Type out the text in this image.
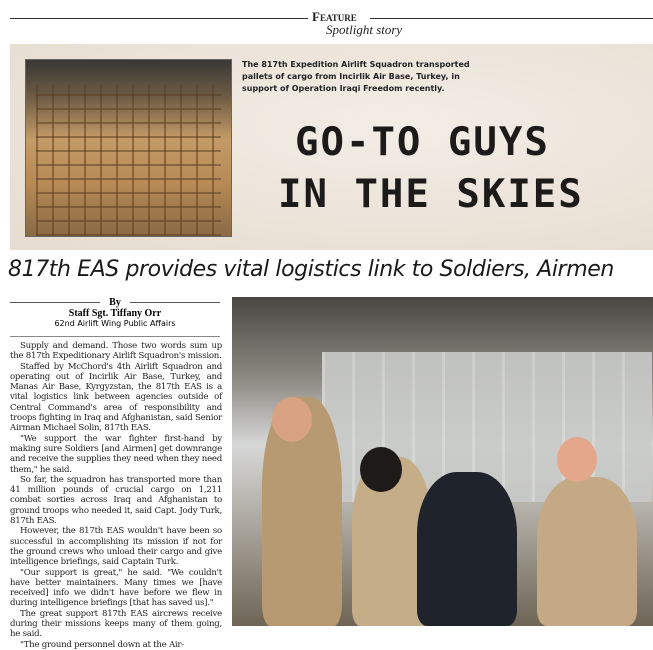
Feature
Spotlight story
The 817th Expedition Airlift Squadron transported pallets of cargo from Incirlik Air Base, Turkey, in support of Operation Iraqi Freedom recently.
GO-TO GUYS
IN THE SKIES
817th EAS provides vital logistics link to Soldiers, Airmen
By
Staff Sgt. Tiffany Orr
62nd Airlift Wing Public Affairs

Supply and demand. Those two words sum up the 817th Expeditionary Airlift Squadron's mission.

Staffed by McChord's 4th Airlift Squadron and operating out of Incirlik Air Base, Turkey, and Manas Air Base, Kyrgyzstan, the 817th EAS is a vital logistics link between agencies outside of Central Command's area of responsibility and troops fighting in Iraq and Afghanistan, said Senior Airman Michael Solin, 817th EAS.

"We support the war fighter first-hand by making sure Soldiers [and Airmen] get downrange and receive the supplies they need when they need them," he said.

So far, the squadron has transported more than 41 million pounds of crucial cargo on 1,211 combat sorties across Iraq and Afghanistan to ground troops who needed it, said Capt. Jody Turk, 817th EAS.

However, the 817th EAS wouldn't have been so successful in accomplishing its mission if not for the ground crews who unload their cargo and give intelligence briefings, said Captain Turk.

"Our support is great," he said. "We couldn't have better maintainers. Many times we [have received] info we didn't have before we flew in during intelligence briefings [that has saved us]."

The great support 817th EAS aircrews receive during their missions keeps many of them going, he said.

"The ground personnel down at the Air-
